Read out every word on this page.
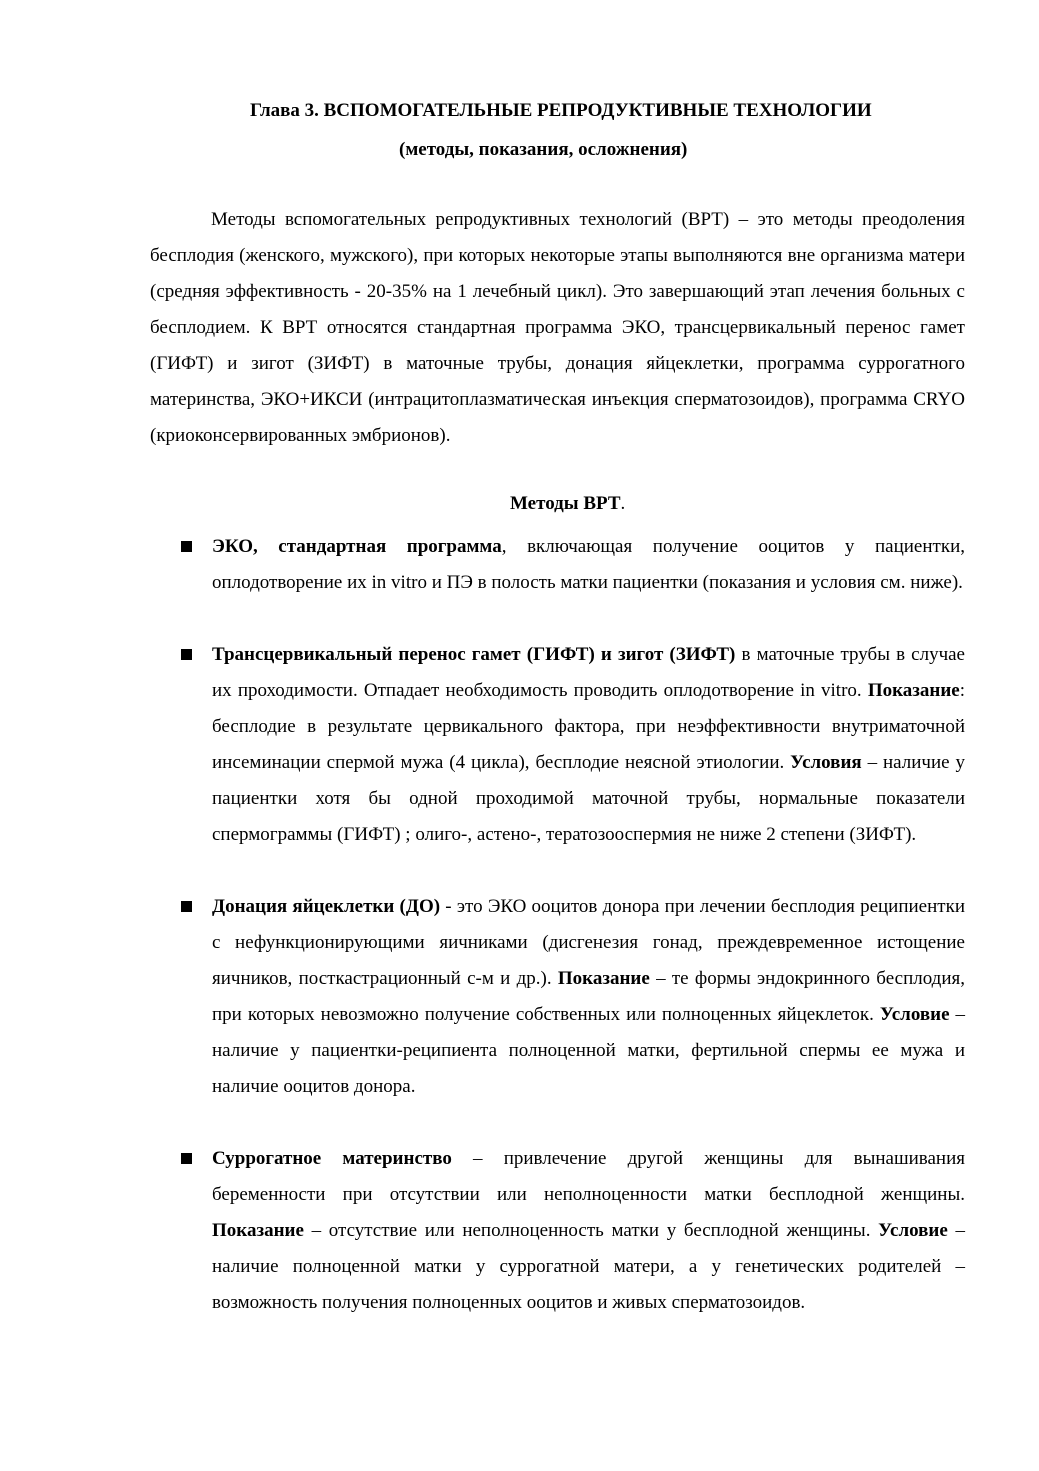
Глава 3. ВСПОМОГАТЕЛЬНЫЕ РЕПРОДУКТИВНЫЕ ТЕХНОЛОГИИ
(методы, показания, осложнения)

Методы вспомогательных репродуктивных технологий (ВРТ) – это методы преодоления бесплодия (женского, мужского), при которых некоторые этапы выполняются вне организма матери (средняя эффективность - 20-35% на 1 лечебный цикл). Это завершающий этап лечения больных с бесплодием. К ВРТ относятся стандартная программа ЭКО, трансцервикальный перенос гамет (ГИФТ) и зигот (ЗИФТ) в маточные трубы, донация яйцеклетки, программа суррогатного материнства, ЭКО+ИКСИ (интрацитоплазматическая инъекция сперматозоидов), программа CRYO (криоконсервированных эмбрионов).

Методы ВРТ.
ЭКО, стандартная программа, включающая получение ооцитов у пациентки, оплодотворение их in vitro и ПЭ в полость матки пациентки (показания и условия см. ниже).
Трансцервикальный перенос гамет (ГИФТ) и зигот (ЗИФТ) в маточные трубы в случае их проходимости. Отпадает необходимость проводить оплодотворение in vitro. Показание: бесплодие в результате цервикального фактора, при неэффективности внутриматочной инсеминации спермой мужа (4 цикла), бесплодие неясной этиологии. Условия – наличие у пациентки хотя бы одной проходимой маточной трубы, нормальные показатели спермограммы (ГИФТ) ; олиго-, астено-, тератозооспермия не ниже 2 степени (ЗИФТ).
Донация яйцеклетки (ДО) - это ЭКО ооцитов донора при лечении бесплодия реципиентки с нефункционирующими яичниками (дисгенезия гонад, преждевременное истощение яичников, посткастрационный с-м и др.). Показание – те формы эндокринного бесплодия, при которых невозможно получение собственных или полноценных яйцеклеток. Условие – наличие у пациентки-реципиента полноценной матки, фертильной спермы ее мужа и наличие ооцитов донора.
Суррогатное материнство – привлечение другой женщины для вынашивания беременности при отсутствии или неполноценности матки бесплодной женщины. Показание – отсутствие или неполноценность матки у бесплодной женщины. Условие – наличие полноценной матки у суррогатной матери, а у генетических родителей – возможность получения полноценных ооцитов и живых сперматозоидов.
